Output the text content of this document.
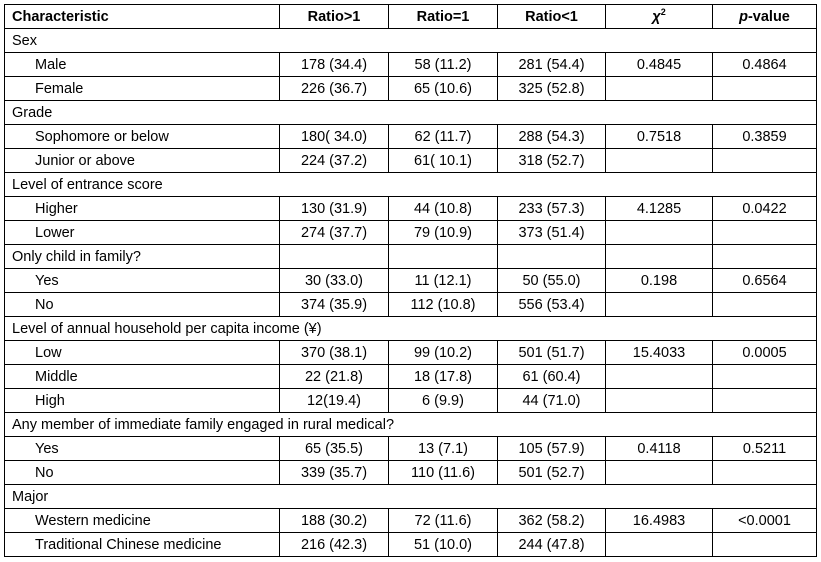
Characteristic	Ratio>1	Ratio=1	Ratio<1	$\chi^2$	p-value
Sex					
Male	178 (34.4)	58 (11.2)	281 (54.4)	0.4845	0.4864
Female	226 (36.7)	65 (10.6)	325 (52.8)		
Grade					
Sophomore or below	180( 34.0)	62 (11.7)	288 (54.3)	0.7518	0.3859
Junior or above	224 (37.2)	61( 10.1)	318 (52.7)		
Level of entrance score					
Higher	130 (31.9)	44 (10.8)	233 (57.3)	4.1285	0.0422
Lower	274 (37.7)	79 (10.9)	373 (51.4)		
Only child in family?					
Yes	30 (33.0)	11 (12.1)	50 (55.0)	0.198	0.6564
No	374 (35.9)	112 (10.8)	556 (53.4)		
Level of annual household per capita income (¥)					
Low	370 (38.1)	99 (10.2)	501 (51.7)	15.4033	0.0005
Middle	22 (21.8)	18 (17.8)	61 (60.4)		
High	12(19.4)	6 (9.9)	44 (71.0)		
Any member of immediate family engaged in rural medical?					
Yes	65 (35.5)	13 (7.1)	105 (57.9)	0.4118	0.5211
No	339 (35.7)	110 (11.6)	501 (52.7)		
Major					
Western medicine	188 (30.2)	72 (11.6)	362 (58.2)	16.4983	<0.0001
Traditional Chinese medicine	216 (42.3)	51 (10.0)	244 (47.8)		
